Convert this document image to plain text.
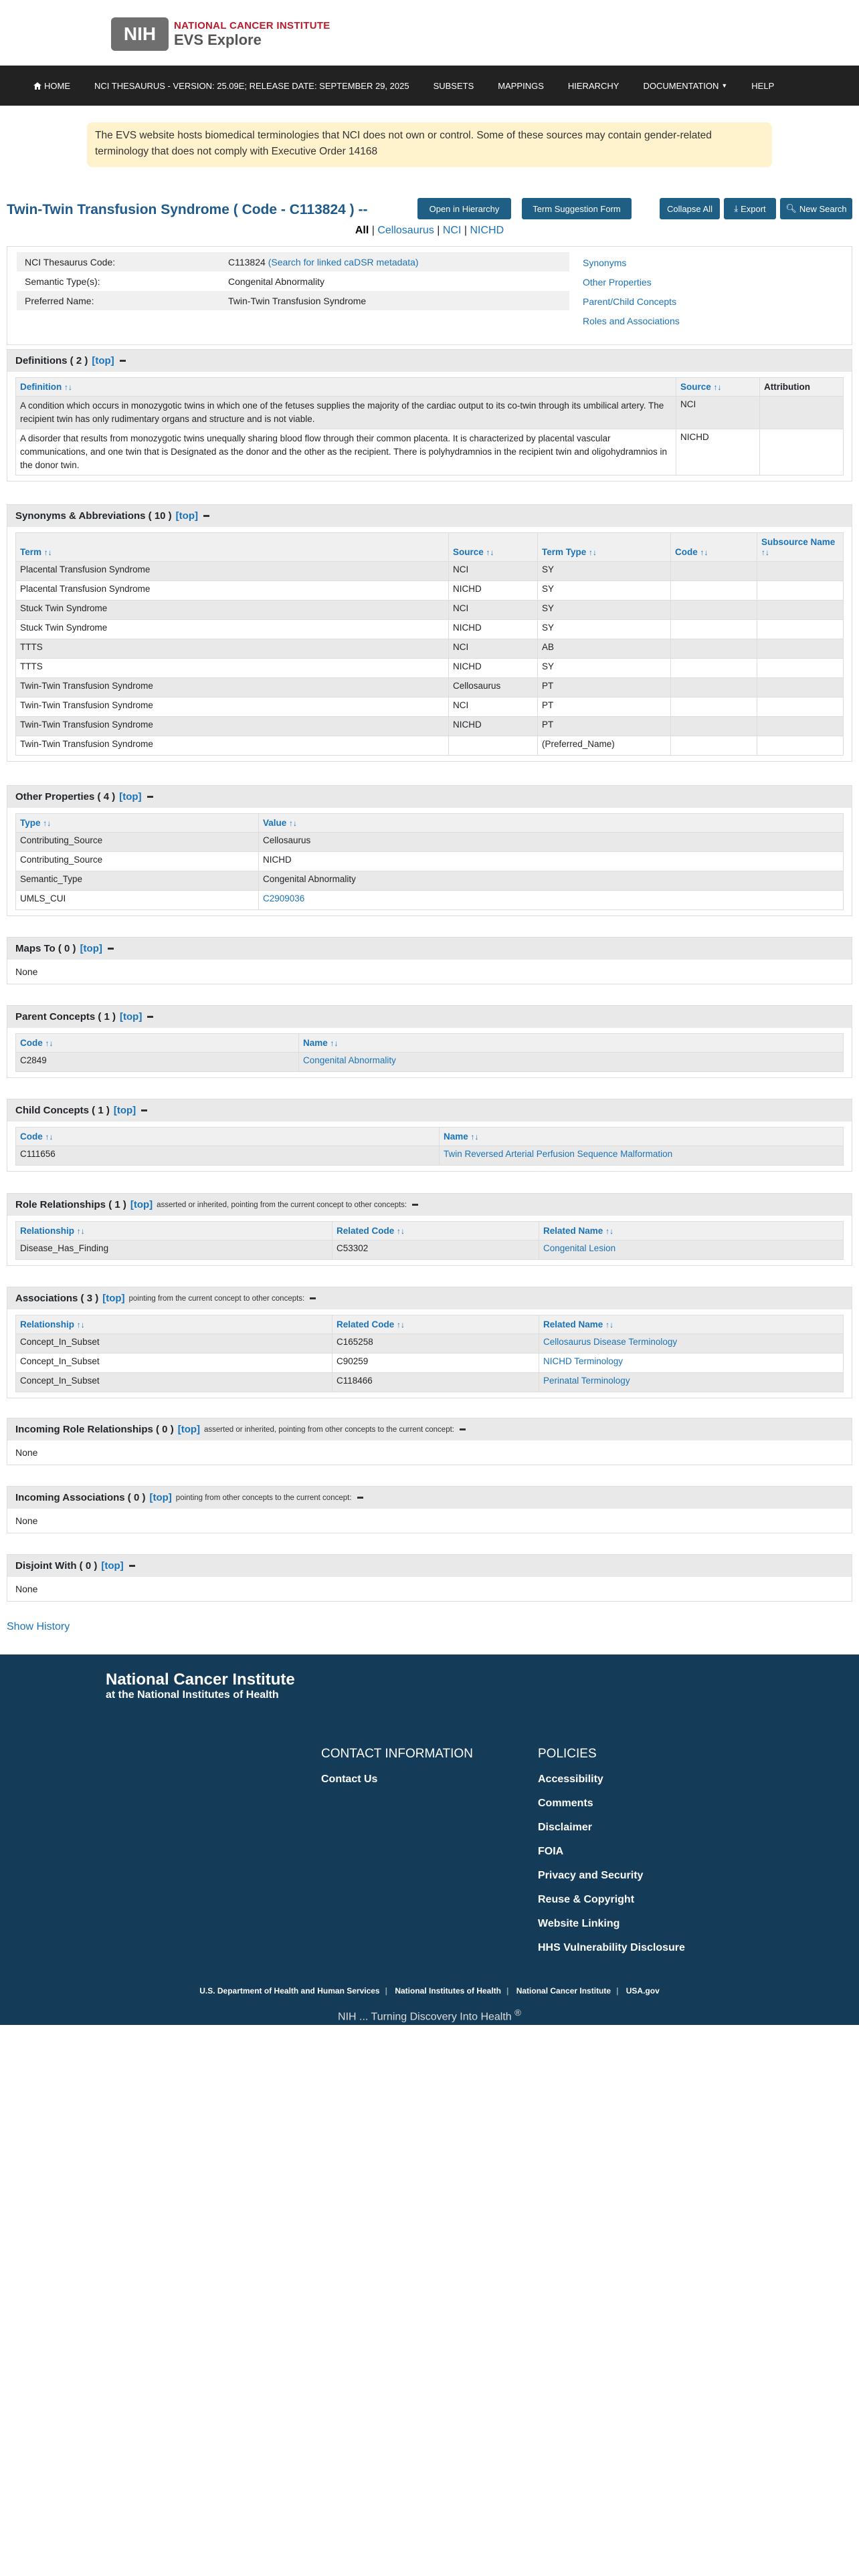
NIH	NATIONAL CANCER INSTITUTE
EVS Explore
HOME	NCI THESAURUS - VERSION: 25.09E; RELEASE DATE: SEPTEMBER 29, 2025	SUBSETS	MAPPINGS	HIERARCHY	DOCUMENTATION ▼	HELP
The EVS website hosts biomedical terminologies that NCI does not own or control. Some of these sources may contain gender-related terminology that does not comply with Executive Order 14168
Twin-Twin Transfusion Syndrome ( Code - C113824 ) --	Open in Hierarchy	Term Suggestion Form	Collapse All	⤓ Export 🔍︎ New Search
All | Cellosaurus | NCI | NICHD
NCI Thesaurus Code:	C113824 (Search for linked caDSR metadata)
Semantic Type(s):	Congenital Abnormality
Preferred Name:	Twin-Twin Transfusion Syndrome
Synonyms
Other Properties
Parent/Child Concepts
Roles and Associations
Definitions ( 2 ) [top]
Definition ↑↓	Source ↑↓	Attribution
A condition which occurs in monozygotic twins in which one of the fetuses supplies the majority of the cardiac output to its co-twin through its umbilical artery. The recipient twin has only rudimentary organs and structure and is not viable.	NCI	
A disorder that results from monozygotic twins unequally sharing blood flow through their common placenta. It is characterized by placental vascular communications, and one twin that is Designated as the donor and the other as the recipient. There is polyhydramnios in the recipient twin and oligohydramnios in the donor twin.	NICHD	
Synonyms & Abbreviations ( 10 ) [top]
Term ↑↓	Source ↑↓	Term Type ↑↓	Code ↑↓	Subsource Name ↑↓
Placental Transfusion Syndrome	NCI	SY		
Placental Transfusion Syndrome	NICHD	SY		
Stuck Twin Syndrome	NCI	SY		
Stuck Twin Syndrome	NICHD	SY		
TTTS	NCI	AB		
TTTS	NICHD	SY		
Twin-Twin Transfusion Syndrome	Cellosaurus	PT		
Twin-Twin Transfusion Syndrome	NCI	PT		
Twin-Twin Transfusion Syndrome	NICHD	PT		
Twin-Twin Transfusion Syndrome		(Preferred_Name)		
Other Properties ( 4 ) [top]
Type ↑↓	Value ↑↓
Contributing_Source	Cellosaurus
Contributing_Source	NICHD
Semantic_Type	Congenital Abnormality
UMLS_CUI	C2909036
Maps To ( 0 ) [top]
None
Parent Concepts ( 1 ) [top]
Code ↑↓	Name ↑↓
C2849	Congenital Abnormality
Child Concepts ( 1 ) [top]
Code ↑↓	Name ↑↓
C111656	Twin Reversed Arterial Perfusion Sequence Malformation
Role Relationships ( 1 ) [top] asserted or inherited, pointing from the current concept to other concepts:
Relationship ↑↓	Related Code ↑↓	Related Name ↑↓
Disease_Has_Finding	C53302	Congenital Lesion
Associations ( 3 ) [top] pointing from the current concept to other concepts:
Relationship ↑↓	Related Code ↑↓	Related Name ↑↓
Concept_In_Subset	C165258	Cellosaurus Disease Terminology
Concept_In_Subset	C90259	NICHD Terminology
Concept_In_Subset	C118466	Perinatal Terminology
Incoming Role Relationships ( 0 ) [top] asserted or inherited, pointing from other concepts to the current concept:
None
Incoming Associations ( 0 ) [top] pointing from other concepts to the current concept:
None
Disjoint With ( 0 ) [top]
None
Show History
National Cancer Institute
at the National Institutes of Health
CONTACT INFORMATION
Contact Us
POLICIES
Accessibility
Comments
Disclaimer
FOIA
Privacy and Security
Reuse & Copyright
Website Linking
HHS Vulnerability Disclosure
U.S. Department of Health and Human Services | National Institutes of Health | National Cancer Institute | USA.gov
NIH ... Turning Discovery Into Health ®
